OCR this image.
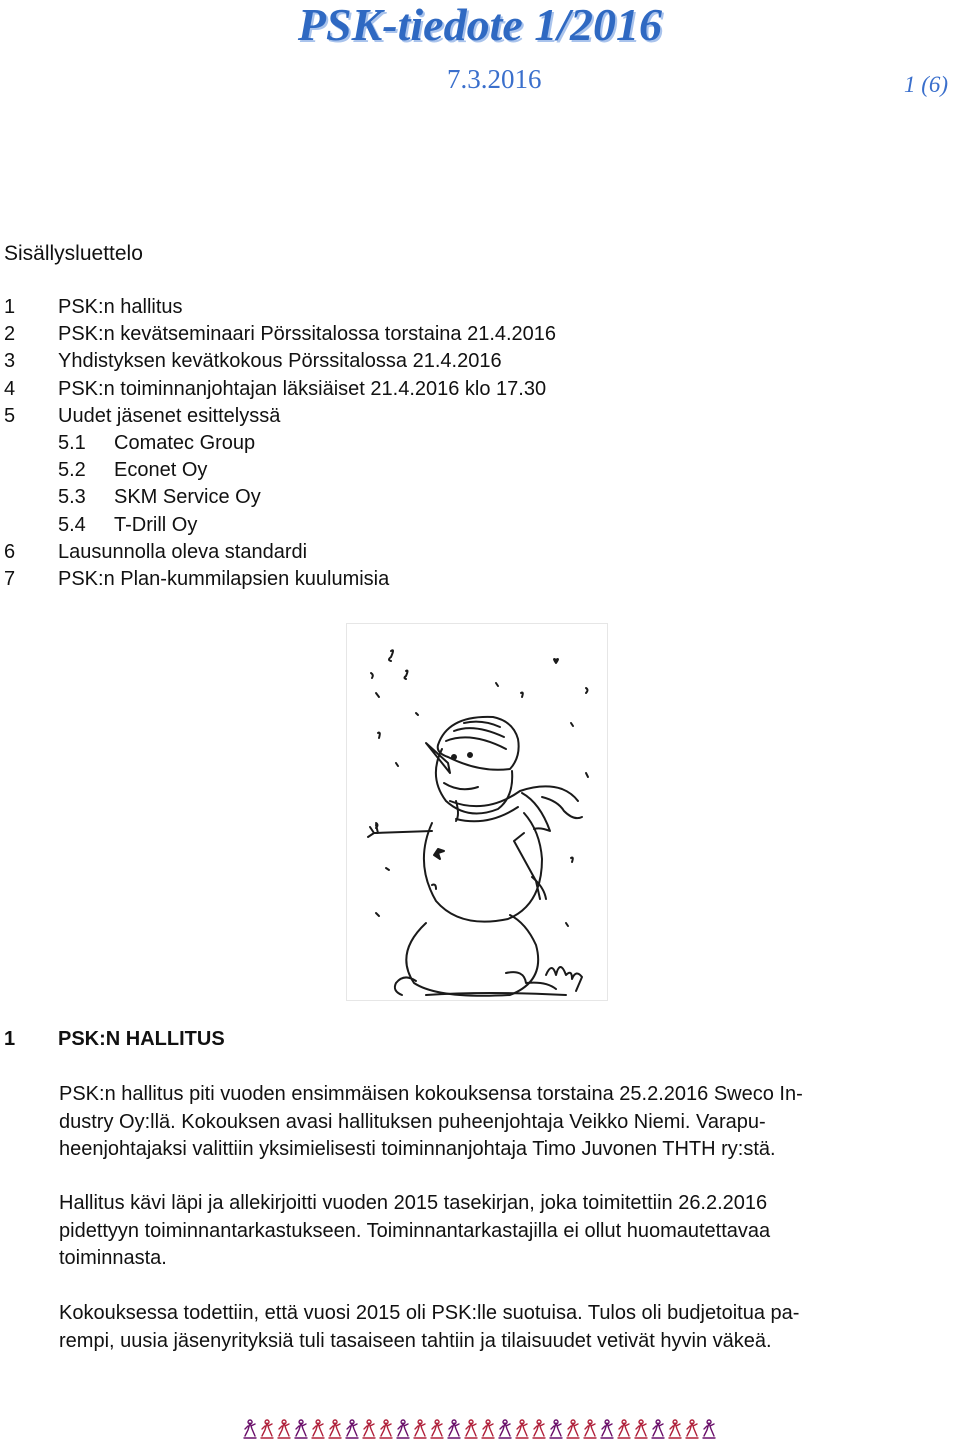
PSK-tiedote 1/2016
7.3.2016	1 (6)
Sisällysluettelo
1	PSK:n hallitus
2	PSK:n kevätseminaari Pörssitalossa torstaina 21.4.2016
3	Yhdistyksen kevätkokous Pörssitalossa 21.4.2016
4	PSK:n toiminnanjohtajan läksiäiset 21.4.2016 klo 17.30
5	Uudet jäsenet esittelyssä
5.1	Comatec Group
5.2	Econet Oy
5.3	SKM Service Oy
5.4	T-Drill Oy
6	Lausunnolla oleva standardi
7	PSK:n Plan-kummilapsien kuulumisia
1	PSK:N HALLITUS

PSK:n hallitus piti vuoden ensimmäisen kokouksensa torstaina 25.2.2016 Sweco In-
dustry Oy:llä. Kokouksen avasi hallituksen puheenjohtaja Veikko Niemi. Varapu-
heenjohtajaksi valittiin yksimielisesti toiminnanjohtaja Timo Juvonen THTH ry:stä.

Hallitus kävi läpi ja allekirjoitti vuoden 2015 tasekirjan, joka toimitettiin 26.2.2016
pidettyyn toiminnantarkastukseen. Toiminnantarkastajilla ei ollut huomautettavaa
toiminnasta.

Kokouksessa todettiin, että vuosi 2015 oli PSK:lle suotuisa. Tulos oli budjetoitua pa-
rempi, uusia jäsenyrityksiä tuli tasaiseen tahtiin ja tilaisuudet vetivät hyvin väkeä.
